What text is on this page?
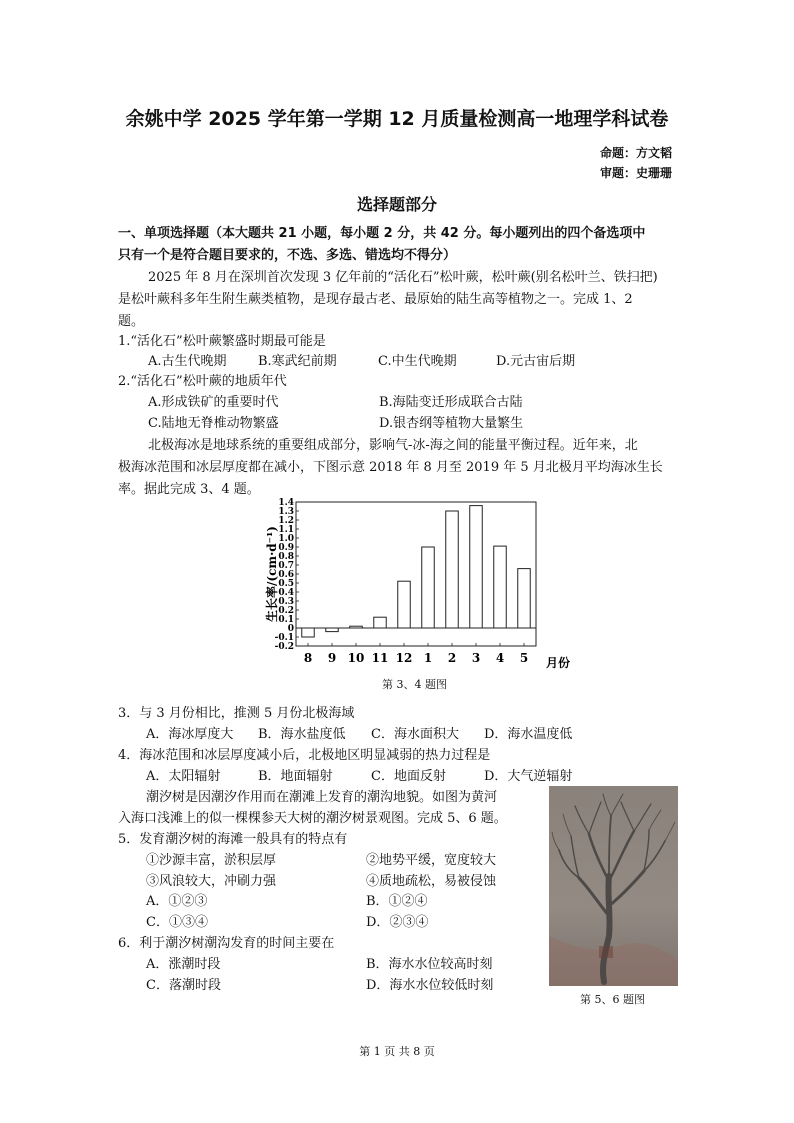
余姚中学 2025 学年第一学期 12 月质量检测高一地理学科试卷
命题：方文韬
审题：史珊珊
选择题部分
一、单项选择题（本大题共 21 小题，每小题 2 分，共 42 分。每小题列出的四个备选项中
只有一个是符合题目要求的，不选、多选、错选均不得分）
2025 年 8 月在深圳首次发现 3 亿年前的“活化石”松叶蕨，松叶蕨(别名松叶兰、铁扫把)
是松叶蕨科多年生附生蕨类植物，是现存最古老、最原始的陆生高等植物之一。完成 1、2
题。
1.“活化石”松叶蕨繁盛时期最可能是
A.古生代晚期 B.寒武纪前期	C.中生代晚期	D.元古宙后期
2.“活化石”松叶蕨的地质年代
A.形成铁矿的重要时代	B.海陆变迁形成联合古陆
C.陆地无脊椎动物繁盛	D.银杏纲等植物大量繁生
北极海冰是地球系统的重要组成部分，影响气-冰-海之间的能量平衡过程。近年来，北
极海冰范围和冰层厚度都在减小，下图示意 2018 年 8 月至 2019 年 5 月北极月平均海冰生长
率。据此完成 3、4 题。
1.4
1.3
1.2
1.1
1.0
0.9
0.8
0.7
0.6
0.5
0.4
0.3
0.2
0.1
0
-0.1
-0.2
8 9 10 11 12 1 2 3 4 5
生长率/(cm·d⁻¹)
月份
第 3、4 题图
3．与 3 月份相比，推测 5 月份北极海域
A．海冰厚度大 B．海水盐度低 C．海水面积大 D．海水温度低
4．海冰范围和冰层厚度减小后，北极地区明显减弱的热力过程是
A．太阳辐射	B．地面辐射	C．地面反射	D．大气逆辐射
潮汐树是因潮汐作用而在潮滩上发育的潮沟地貌。如图为黄河
入海口浅滩上的似一棵棵参天大树的潮汐树景观图。完成 5、6 题。
5．发育潮汐树的海滩一般具有的特点有
①沙源丰富，淤积层厚	②地势平缓，宽度较大
③风浪较大，冲刷力强	④质地疏松，易被侵蚀
A．①②③	B．①②④
C．①③④	D．②③④
6．利于潮汐树潮沟发育的时间主要在
A．涨潮时段	B．海水水位较高时刻
C．落潮时段	D．海水水位较低时刻
第 5、6 题图
第 1 页 共 8 页
